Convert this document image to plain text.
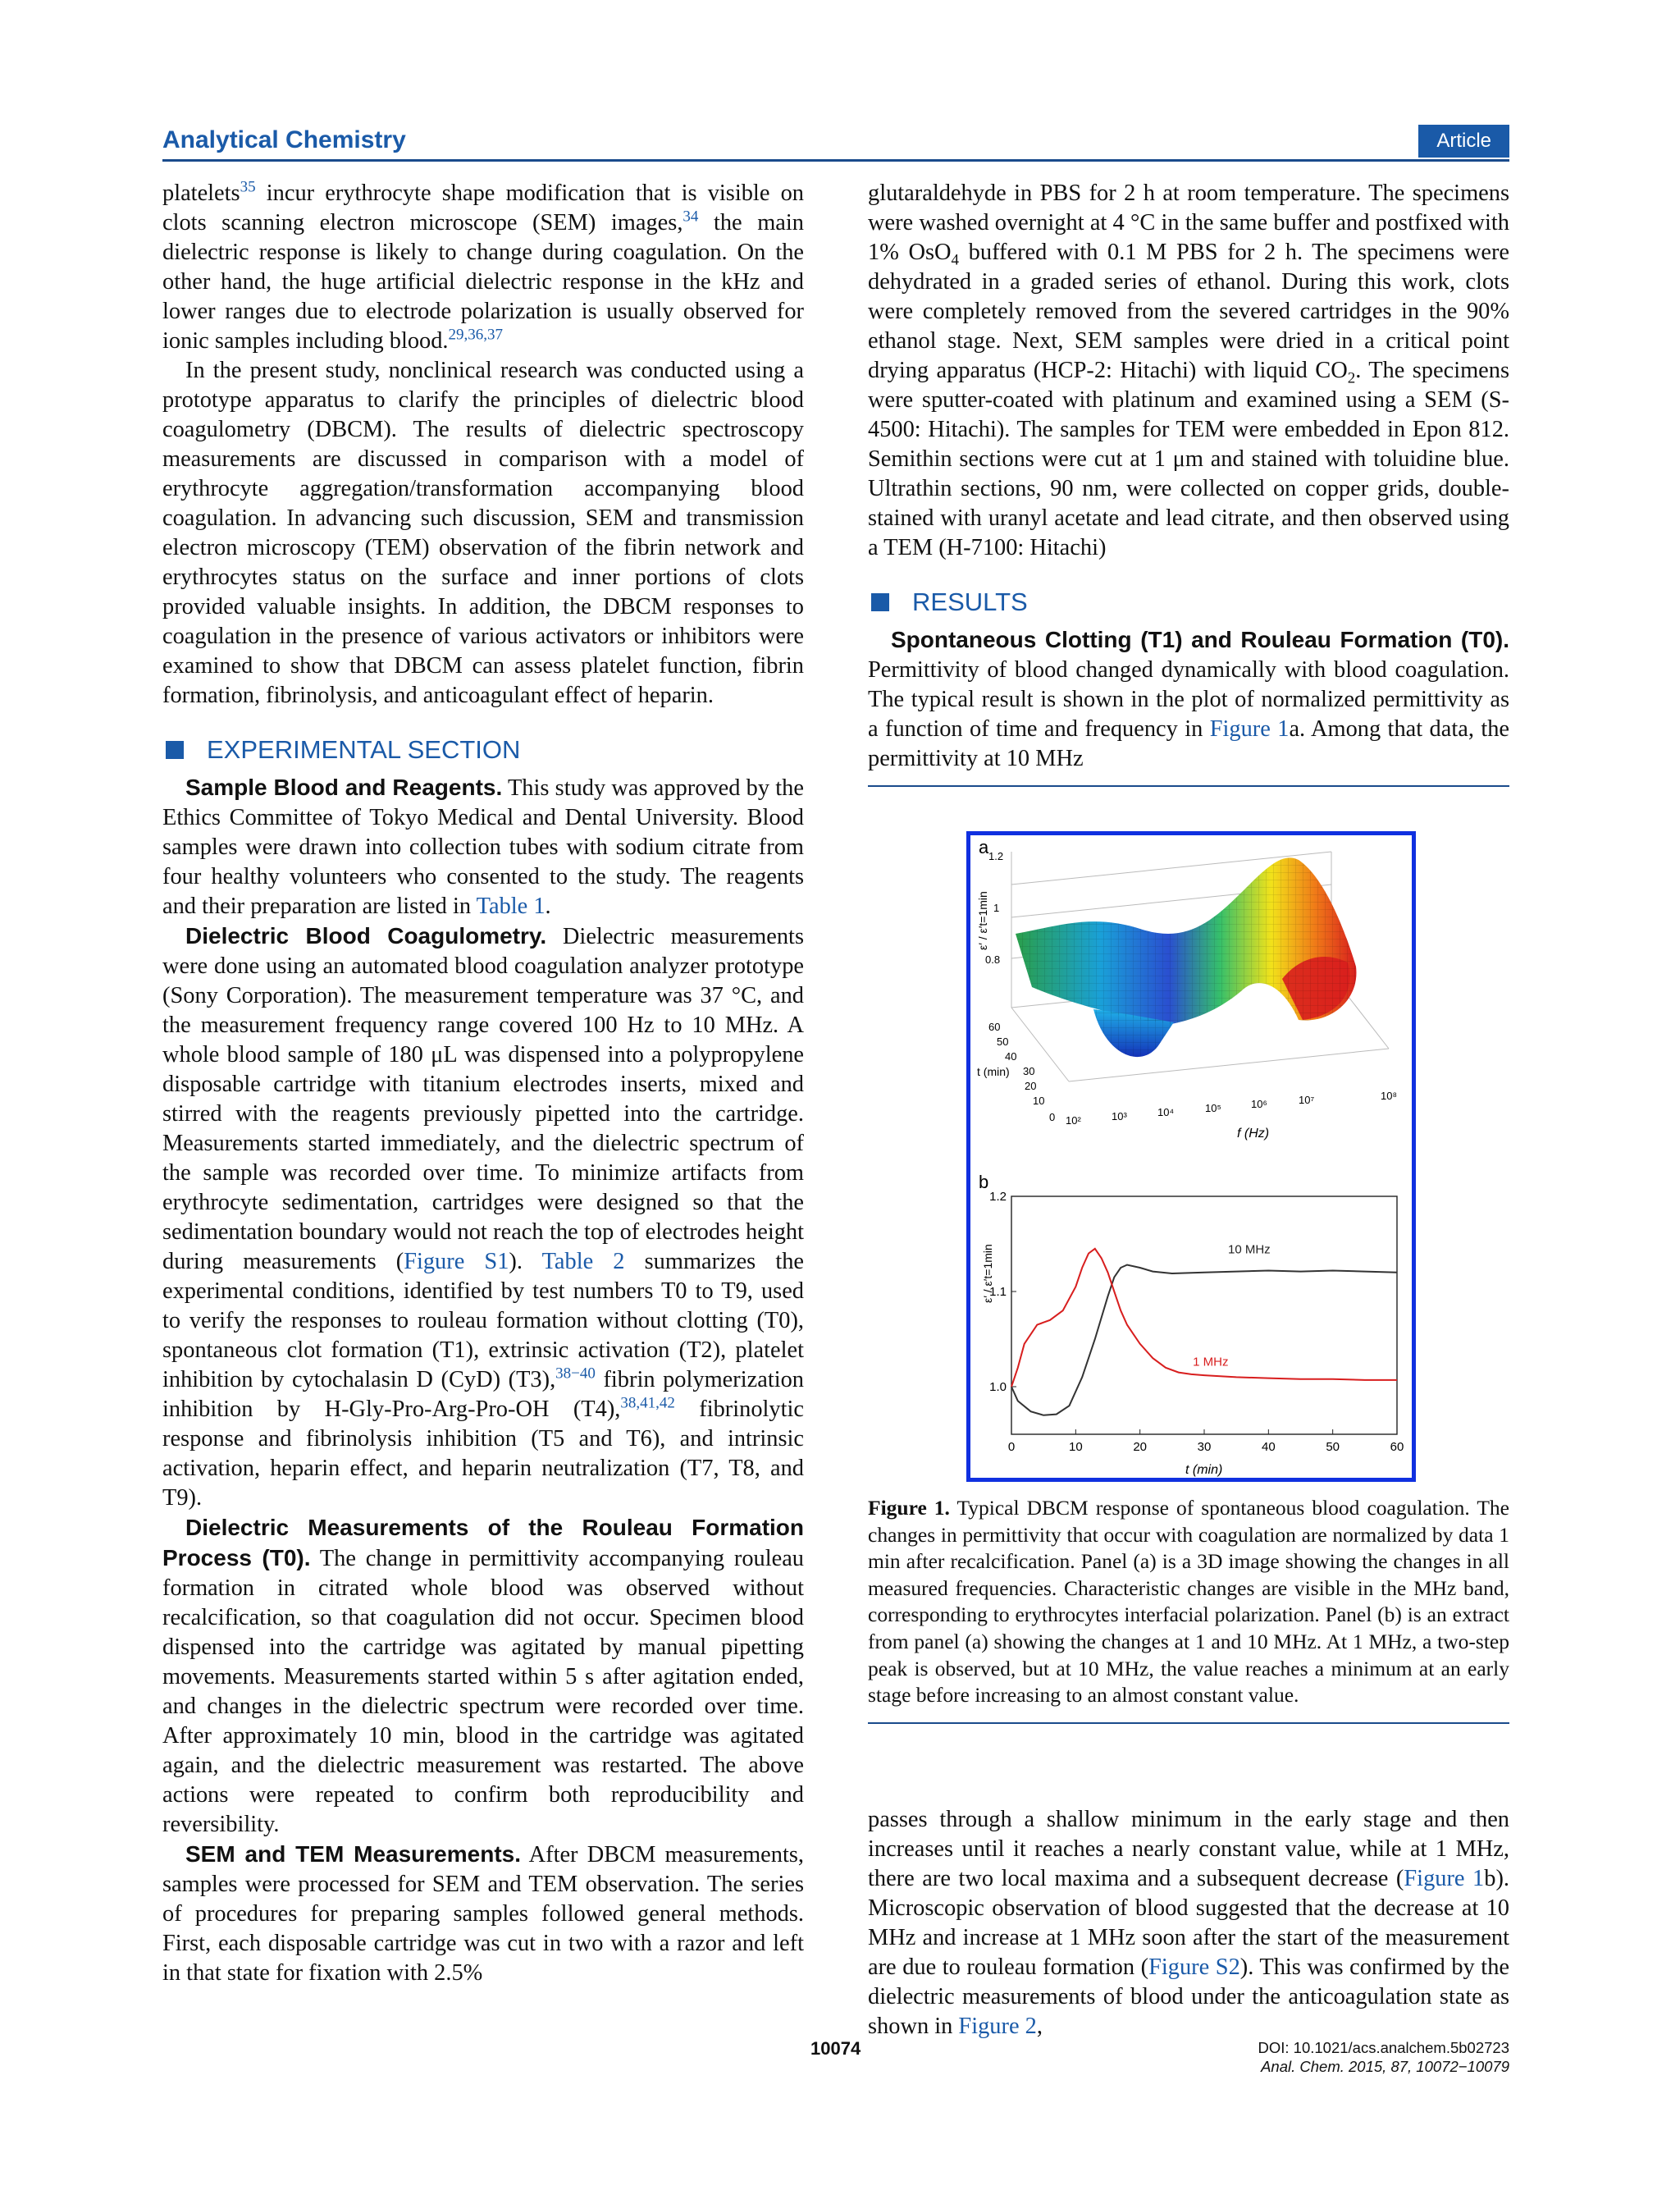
Analytical Chemistry	Article

platelets$^{35}$ incur erythrocyte shape modification that is visible on clots scanning electron microscope (SEM) images,$^{34}$ the main dielectric response is likely to change during coagulation. On the other hand, the huge artificial dielectric response in the kHz and lower ranges due to electrode polarization is usually observed for ionic samples including blood.$^{29,36,37}$

In the present study, nonclinical research was conducted using a prototype apparatus to clarify the principles of dielectric blood coagulometry (DBCM). The results of dielectric spectroscopy measurements are discussed in comparison with a model of erythrocyte aggregation/transformation accompanying blood coagulation. In advancing such discussion, SEM and transmission electron microscopy (TEM) observation of the fibrin network and erythrocytes status on the surface and inner portions of clots provided valuable insights. In addition, the DBCM responses to coagulation in the presence of various activators or inhibitors were examined to show that DBCM can assess platelet function, fibrin formation, fibrinolysis, and anticoagulant effect of heparin.

EXPERIMENTAL SECTION

Sample Blood and Reagents. This study was approved by the Ethics Committee of Tokyo Medical and Dental University. Blood samples were drawn into collection tubes with sodium citrate from four healthy volunteers who consented to the study. The reagents and their preparation are listed in Table 1.

Dielectric Blood Coagulometry. Dielectric measurements were done using an automated blood coagulation analyzer prototype (Sony Corporation). The measurement temperature was 37 °C, and the measurement frequency range covered 100 Hz to 10 MHz. A whole blood sample of 180 μL was dispensed into a polypropylene disposable cartridge with titanium electrodes inserts, mixed and stirred with the reagents previously pipetted into the cartridge. Measurements started immediately, and the dielectric spectrum of the sample was recorded over time. To minimize artifacts from erythrocyte sedimentation, cartridges were designed so that the sedimentation boundary would not reach the top of electrodes height during measurements (Figure S1). Table 2 summarizes the experimental conditions, identified by test numbers T0 to T9, used to verify the responses to rouleau formation without clotting (T0), spontaneous clot formation (T1), extrinsic activation (T2), platelet inhibition by cytochalasin D (CyD) (T3),$^{38-40}$ fibrin polymerization inhibition by H-Gly-Pro-Arg-Pro-OH (T4),$^{38,41,42}$ fibrinolytic response and fibrinolysis inhibition (T5 and T6), and intrinsic activation, heparin effect, and heparin neutralization (T7, T8, and T9).

Dielectric Measurements of the Rouleau Formation Process (T0). The change in permittivity accompanying rouleau formation in citrated whole blood was observed without recalcification, so that coagulation did not occur. Specimen blood dispensed into the cartridge was agitated by manual pipetting movements. Measurements started within 5 s after agitation ended, and changes in the dielectric spectrum were recorded over time. After approximately 10 min, blood in the cartridge was agitated again, and the dielectric measurement was restarted. The above actions were repeated to confirm both reproducibility and reversibility.

SEM and TEM Measurements. After DBCM measurements, samples were processed for SEM and TEM observation. The series of procedures for preparing samples followed general methods. First, each disposable cartridge was cut in two with a razor and left in that state for fixation with 2.5%

glutaraldehyde in PBS for 2 h at room temperature. The specimens were washed overnight at 4 °C in the same buffer and postfixed with 1% OsO$_4$ buffered with 0.1 M PBS for 2 h. The specimens were dehydrated in a graded series of ethanol. During this work, clots were completely removed from the severed cartridges in the 90% ethanol stage. Next, SEM samples were dried in a critical point drying apparatus (HCP-2: Hitachi) with liquid $CO_2$. The specimens were sputter-coated with platinum and examined using a SEM (S-4500: Hitachi). The samples for TEM were embedded in Epon 812. Semithin sections were cut at 1 μm and stained with toluidine blue. Ultrathin sections, 90 nm, were collected on copper grids, double-stained with uranyl acetate and lead citrate, and then observed using a TEM (H-7100: Hitachi)

RESULTS

Spontaneous Clotting (T1) and Rouleau Formation (T0). Permittivity of blood changed dynamically with blood coagulation. The typical result is shown in the plot of normalized permittivity as a function of time and frequency in Figure 1a. Among that data, the permittivity at 10 MHz

a 1.2
1
0.8
ε′ / ε′t=1min
60
50
40
30
20
10
0
t (min)
10²	10³	10⁴	10⁵	10⁶	10⁷	10⁸
f (Hz)
b
ε′ / ε′t=1min
0	10	20	30	40	50	60
1.0
1.1
1.2
10 MHz
1 MHz
t (min)
Figure 1. Typical DBCM response of spontaneous blood coagulation. The changes in permittivity that occur with coagulation are normalized by data 1 min after recalcification. Panel (a) is a 3D image showing the changes in all measured frequencies. Characteristic changes are visible in the MHz band, corresponding to erythrocytes interfacial polarization. Panel (b) is an extract from panel (a) showing the changes at 1 and 10 MHz. At 1 MHz, a two-step peak is observed, but at 10 MHz, the value reaches a minimum at an early stage before increasing to an almost constant value.

passes through a shallow minimum in the early stage and then increases until it reaches a nearly constant value, while at 1 MHz, there are two local maxima and a subsequent decrease (Figure 1b). Microscopic observation of blood suggested that the decrease at 10 MHz and increase at 1 MHz soon after the start of the measurement are due to rouleau formation (Figure S2). This was confirmed by the dielectric measurements of blood under the anticoagulation state as shown in Figure 2,

10074	DOI: 10.1021/acs.analchem.5b02723
Anal. Chem. 2015, 87, 10072−10079
